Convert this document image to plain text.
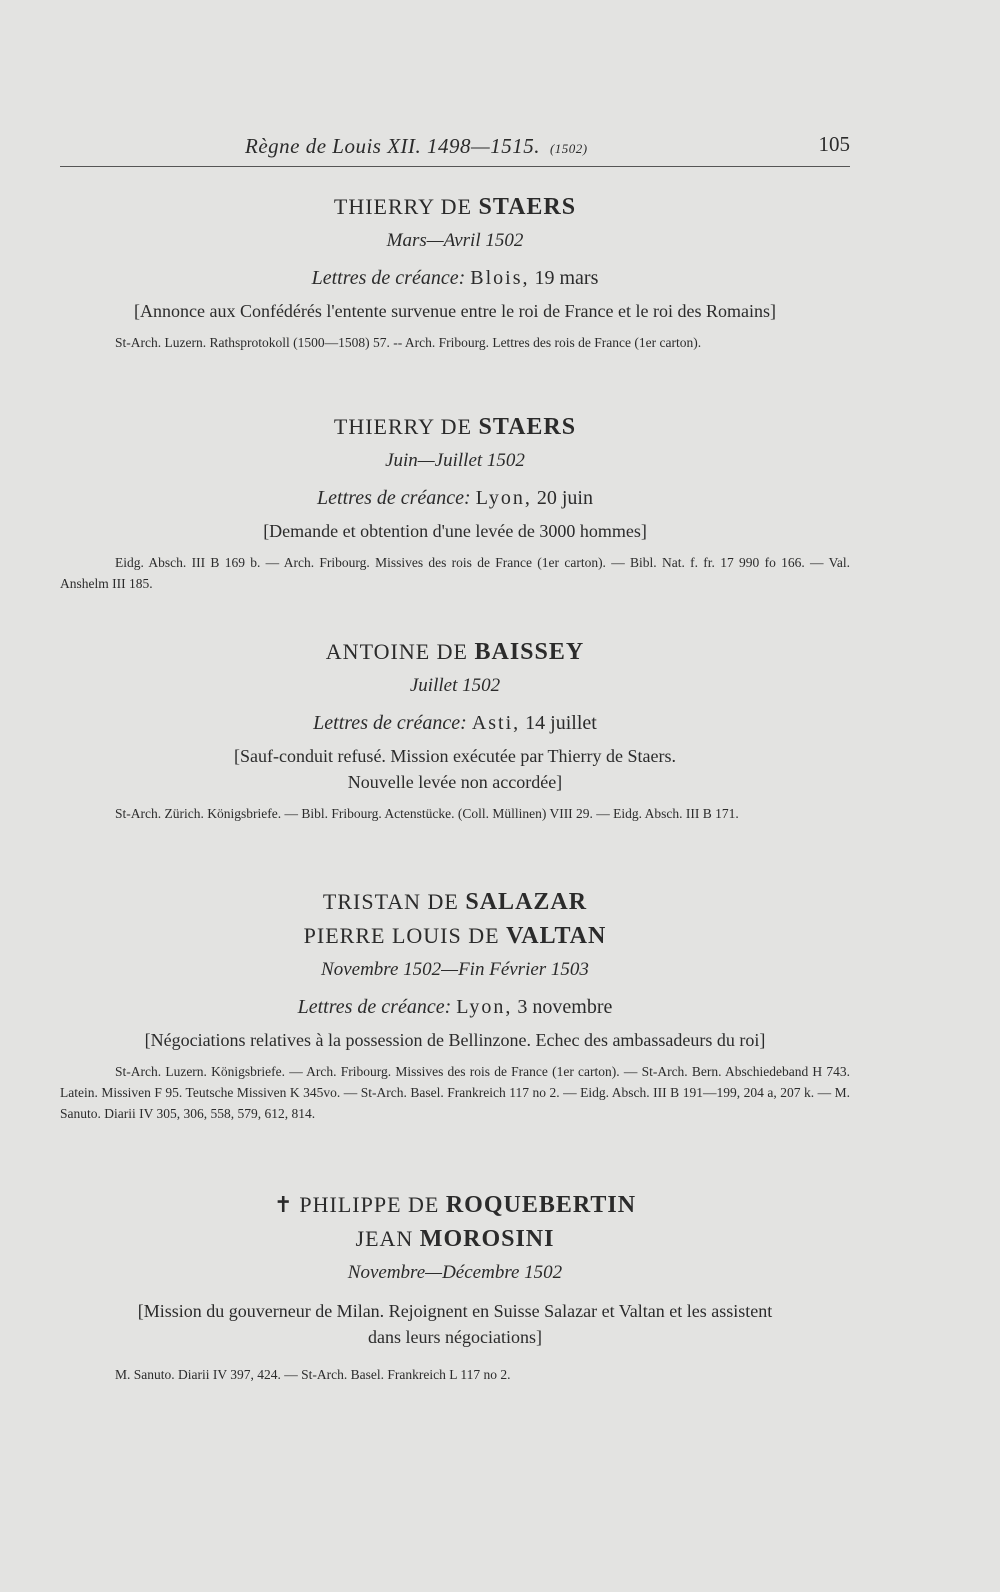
Règne de Louis XII. 1498—1515. (1502)	105
THIERRY DE STAERS
Mars—Avril 1502
Lettres de créance: Blois, 19 mars
[Annonce aux Confédérés l'entente survenue entre le roi de France et le roi des Romains]
St-Arch. Luzern. Rathsprotokoll (1500—1508) 57. -- Arch. Fribourg. Lettres des rois de France (1er carton).
THIERRY DE STAERS
Juin—Juillet 1502
Lettres de créance: Lyon, 20 juin
[Demande et obtention d'une levée de 3000 hommes]
Eidg. Absch. III B 169 b. — Arch. Fribourg. Missives des rois de France (1er carton). — Bibl. Nat. f. fr. 17 990 fo 166. — Val. Anshelm III 185.
ANTOINE DE BAISSEY
Juillet 1502
Lettres de créance: Asti, 14 juillet
[Sauf-conduit refusé. Mission exécutée par Thierry de Staers.
Nouvelle levée non accordée]
St-Arch. Zürich. Königsbriefe. — Bibl. Fribourg. Actenstücke. (Coll. Müllinen) VIII 29. — Eidg. Absch. III B 171.
TRISTAN DE SALAZAR
PIERRE LOUIS DE VALTAN
Novembre 1502—Fin Février 1503
Lettres de créance: Lyon, 3 novembre
[Négociations relatives à la possession de Bellinzone. Echec des ambassadeurs du roi]
St-Arch. Luzern. Königsbriefe. — Arch. Fribourg. Missives des rois de France (1er carton). — St-Arch. Bern. Abschiedeband H 743. Latein. Missiven F 95. Teutsche Missiven K 345vo. — St-Arch. Basel. Frankreich 117 no 2. — Eidg. Absch. III B 191—199, 204 a, 207 k. — M. Sanuto. Diarii IV 305, 306, 558, 579, 612, 814.
✝ PHILIPPE DE ROQUEBERTIN
JEAN MOROSINI
Novembre—Décembre 1502
[Mission du gouverneur de Milan. Rejoignent en Suisse Salazar et Valtan et les assistent
dans leurs négociations]
M. Sanuto. Diarii IV 397, 424. — St-Arch. Basel. Frankreich L 117 no 2.
